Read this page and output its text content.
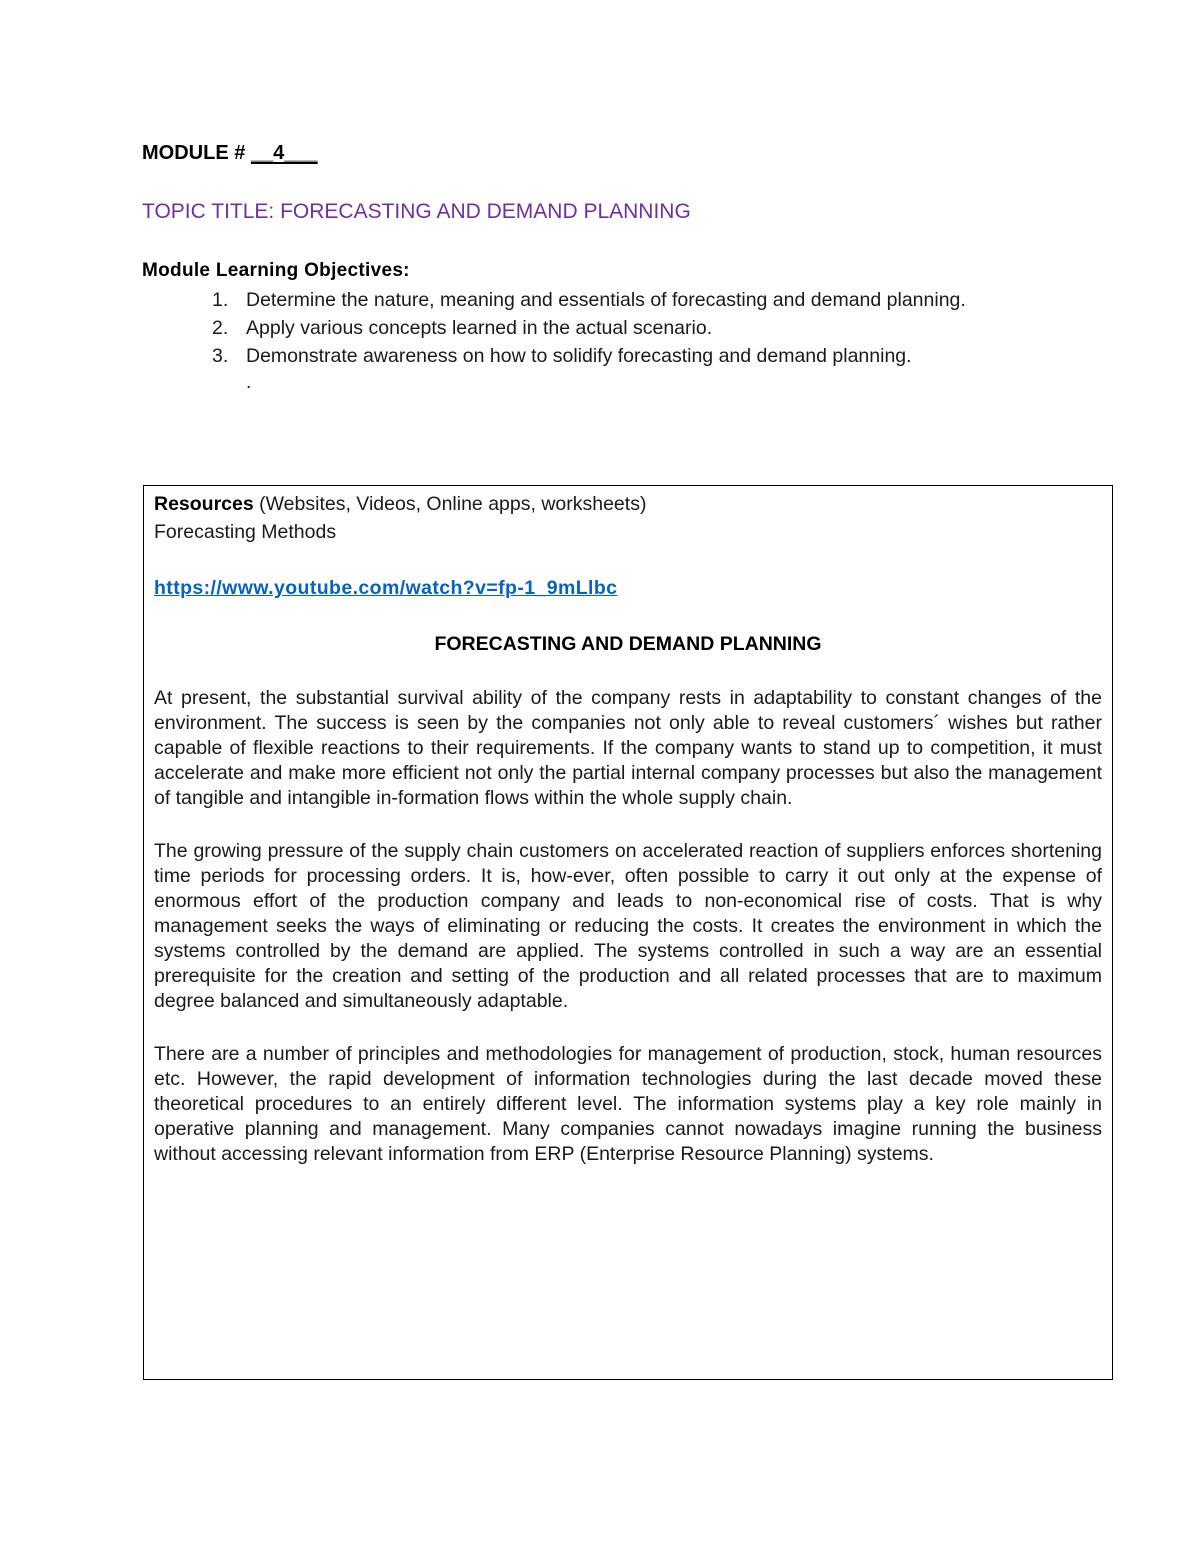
MODULE # __4___
TOPIC TITLE: FORECASTING AND DEMAND PLANNING
Module Learning Objectives:
1. Determine the nature, meaning and essentials of forecasting and demand planning.
2. Apply various concepts learned in the actual scenario.
3. Demonstrate awareness on how to solidify forecasting and demand planning.
.
Resources (Websites, Videos, Online apps, worksheets)
Forecasting Methods
https://www.youtube.com/watch?v=fp-1_9mLlbc
FORECASTING AND DEMAND PLANNING
At present, the substantial survival ability of the company rests in adaptability to constant changes of the environment. The success is seen by the companies not only able to reveal customers´ wishes but rather capable of flexible reactions to their requirements. If the company wants to stand up to competition, it must accelerate and make more efficient not only the partial internal company processes but also the management of tangible and intangible in-formation flows within the whole supply chain.
The growing pressure of the supply chain customers on accelerated reaction of suppliers enforces shortening time periods for processing orders. It is, how-ever, often possible to carry it out only at the expense of enormous effort of the production company and leads to non-economical rise of costs. That is why management seeks the ways of eliminating or reducing the costs. It creates the environment in which the systems controlled by the demand are applied. The systems controlled in such a way are an essential prerequisite for the creation and setting of the production and all related processes that are to maximum degree balanced and simultaneously adaptable.
There are a number of principles and methodologies for management of production, stock, human resources etc. However, the rapid development of information technologies during the last decade moved these theoretical procedures to an entirely different level. The information systems play a key role mainly in operative planning and management. Many companies cannot nowadays imagine running the business without accessing relevant information from ERP (Enterprise Resource Planning) systems.
